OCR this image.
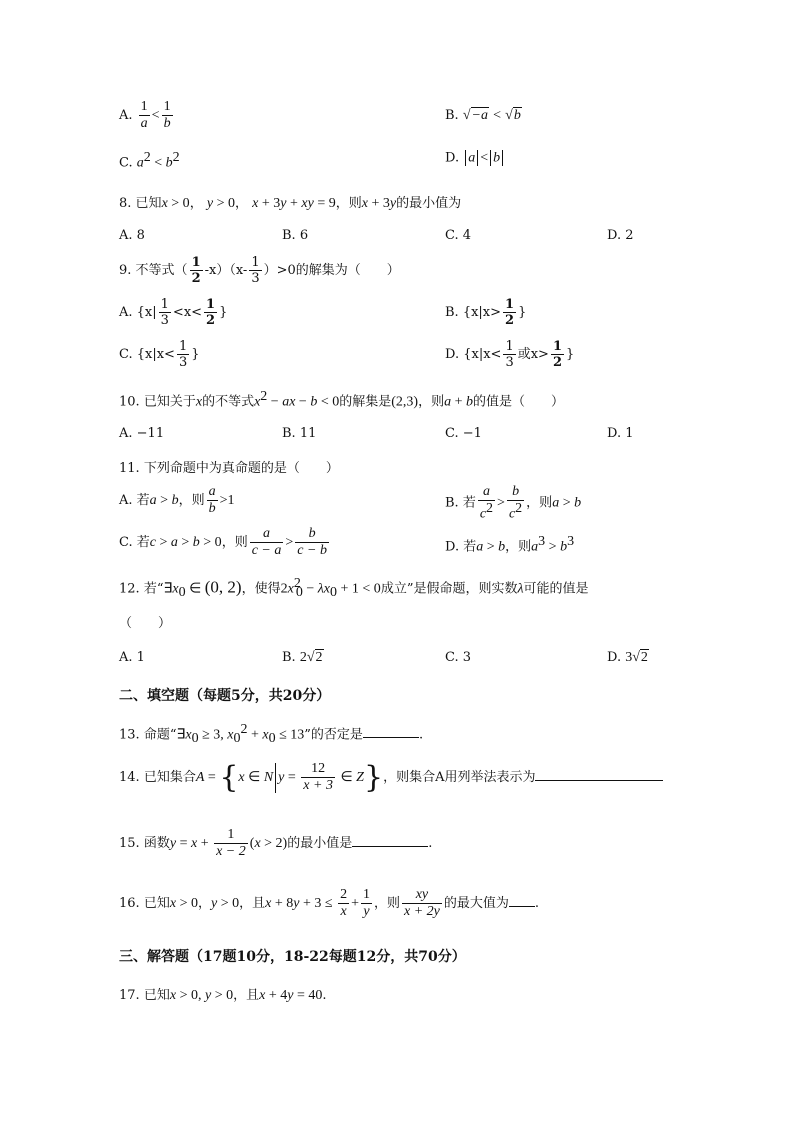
A. $\frac{1}{a} < \frac{1}{b}$	B. √−a < √b
C. $a^2 < b^2$	D. a < b
8. 已知x > 0， y > 0， x + 3y + xy = 9，则x + 3y的最小值为
A. 8	B. 6	C. 4	D. 2
9. 不等式（ $\frac{1}{2} -x)(x- \frac{1}{3} )>0$的解集为（　　）
A. {$x| \frac{1}{3} <x< \frac{1}{2}$ }	B. {$x|x> \frac{1}{2}$ }
C. {$x|x< \frac{1}{3}$ }	D. {$x|x< \frac{1}{3}$ 或$x> \frac{1}{2}$ }
10. 已知关于x的不等式$x^2$ − ax − b < 0的解集是(2,3)，则a + b的值是（　　）
A. −11	B. 11	C. −1	D. 1
11. 下列命题中为真命题的是（　　）
A. 若a > b，则 $\frac{a}{b} >1$	B. 若 $\frac{a}{c^2} > \frac{b}{c^2}$ ，则a > b
C. 若c > a > b > 0，则 $\frac{a}{c - a} > \frac{b}{c - b}$	D. 若a > b，则$a^3 > b^3$
12. 若“$\exists x_0$ ∈ (0, 2)，使得$2x^2_0 - \lambda x_0 + 1 < 0$成立”是假命题，则实数λ可能的值是
（　　）
A. 1	B. 2√2	C. 3	D. 3√2
二、填空题（每题5分，共20分）
13. 命题“$\exists x_0 \ge 3$, $x_0^2 + x_0 \le 13$”的否定是	.
14. 已知集合A = {x ∈ N $y = \frac{12}{x + 3}$ ∈ Z}，则集合A用列举法表示为
15. 函数$y = x + \frac{1}{x - 2} (x > 2)$的最小值是	.
16. 已知x > 0，y > 0，且$x + 8y + 3 \le \frac{2}{x} + \frac{1}{y}$ ，则 $\frac{xy}{x + 2y}$ 的最大值为 .
三、解答题（17题10分，18-22每题12分，共70分）
17. 已知x > 0, y > 0，且x + 4y = 40.
